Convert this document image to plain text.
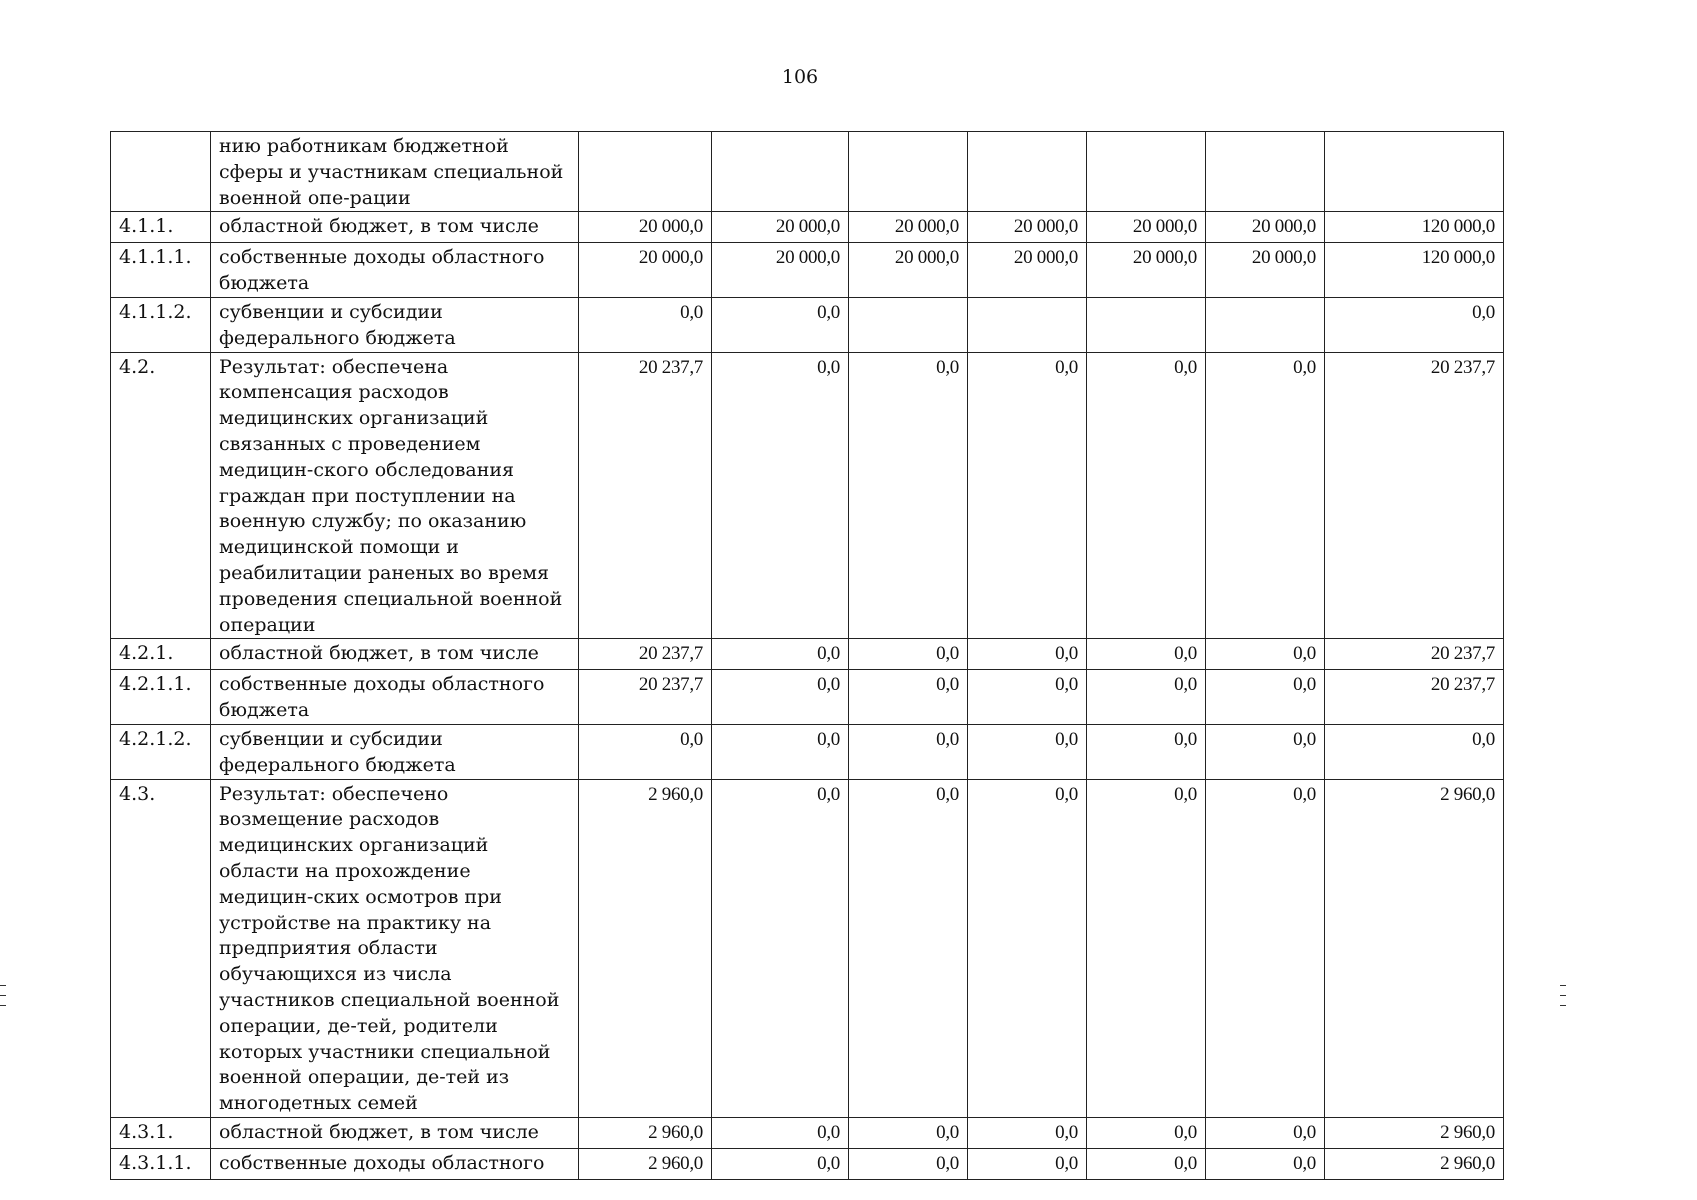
106
	нию работникам бюджетной сферы и участникам специальной военной опе-рации							
4.1.1.	областной бюджет, в том числе	20 000,0	20 000,0	20 000,0	20 000,0	20 000,0	20 000,0	120 000,0
4.1.1.1.	собственные доходы областного бюджета	20 000,0	20 000,0	20 000,0	20 000,0	20 000,0	20 000,0	120 000,0
4.1.1.2.	субвенции и субсидии федерального бюджета	0,0	0,0					0,0
4.2.	Результат: обеспечена компенсация расходов медицинских организаций связанных с проведением медицин-ского обследования граждан при поступлении на военную службу; по оказанию медицинской помощи и реабилитации раненых во время проведения специальной военной операции	20 237,7	0,0	0,0	0,0	0,0	0,0	20 237,7
4.2.1.	областной бюджет, в том числе	20 237,7	0,0	0,0	0,0	0,0	0,0	20 237,7
4.2.1.1.	собственные доходы областного бюджета	20 237,7	0,0	0,0	0,0	0,0	0,0	20 237,7
4.2.1.2.	субвенции и субсидии федерального бюджета	0,0	0,0	0,0	0,0	0,0	0,0	0,0
4.3.	Результат: обеспечено возмещение расходов медицинских организаций области на прохождение медицин-ских осмотров при устройстве на практику на предприятия области обучающихся из числа участников специальной военной операции, де-тей, родители которых участники специальной военной операции, де-тей из многодетных семей	2 960,0	0,0	0,0	0,0	0,0	0,0	2 960,0
4.3.1.	областной бюджет, в том числе	2 960,0	0,0	0,0	0,0	0,0	0,0	2 960,0
4.3.1.1.	собственные доходы областного	2 960,0	0,0	0,0	0,0	0,0	0,0	2 960,0
